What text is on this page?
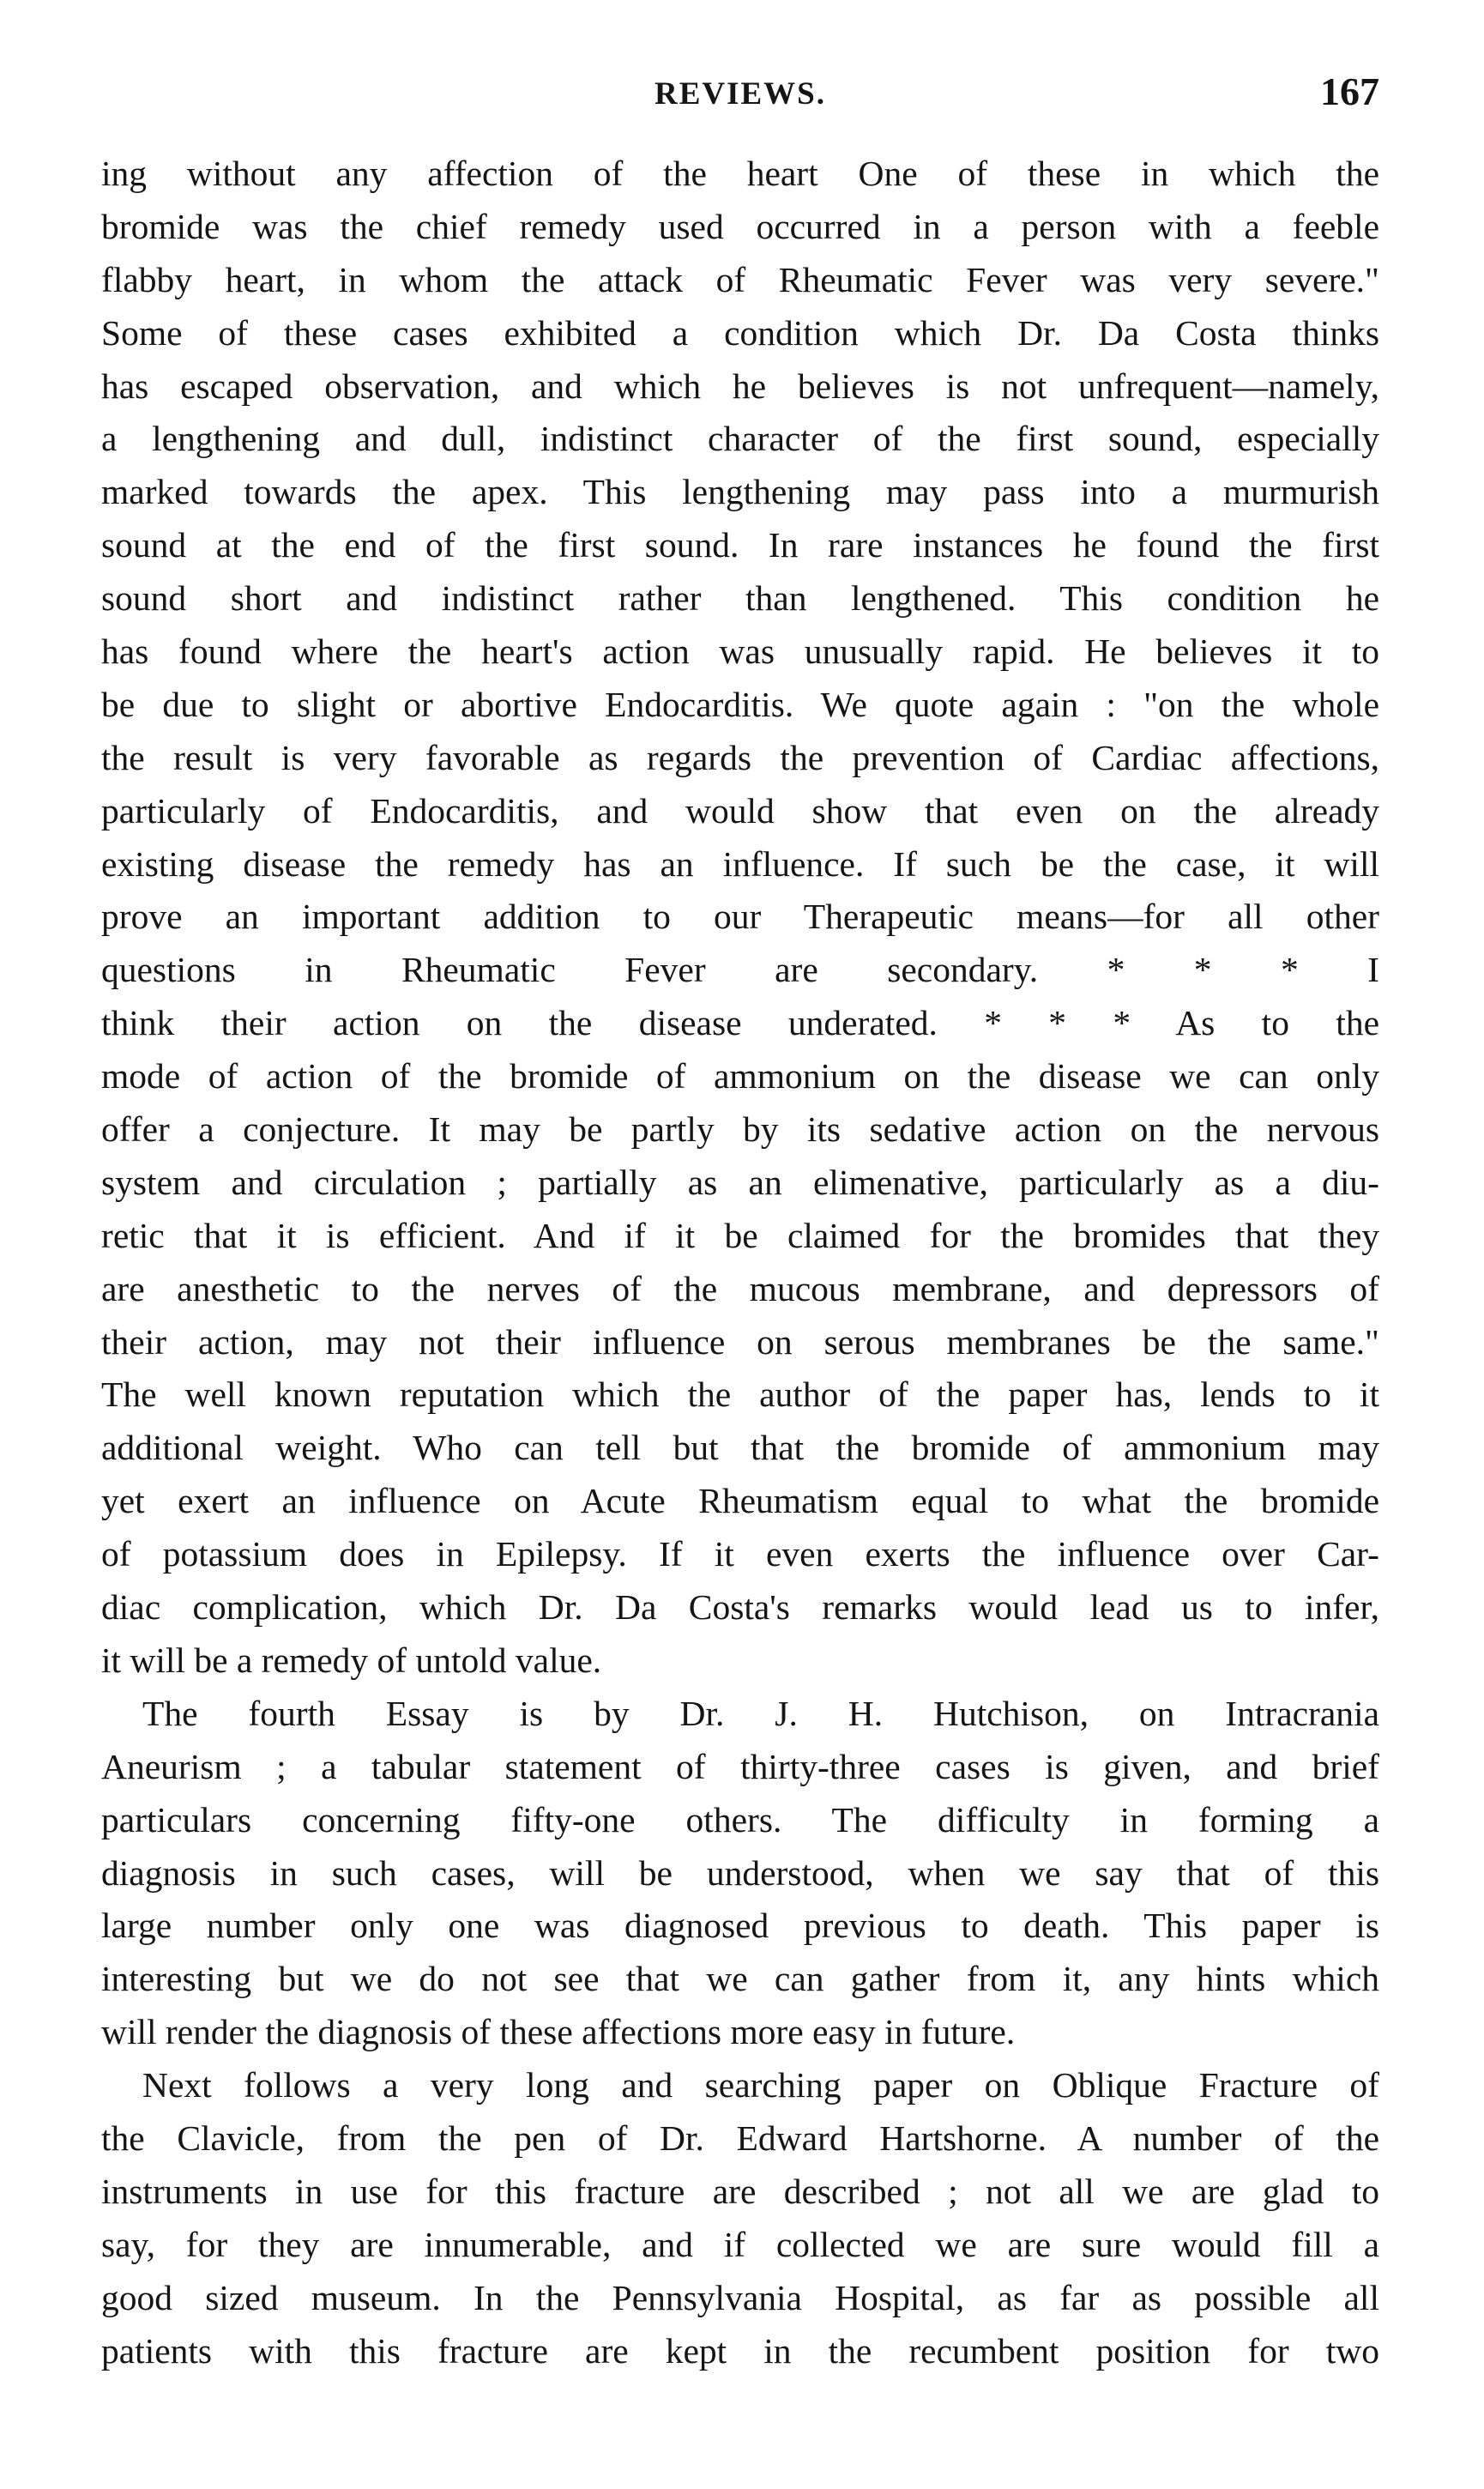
REVIEWS.	167
ing without any affection of the heart One of these in which the
bromide was the chief remedy used occurred in a person with a feeble
flabby heart, in whom the attack of Rheumatic Fever was very severe."
Some of these cases exhibited a condition which Dr. Da Costa thinks
has escaped observation, and which he believes is not unfrequent—namely,
a lengthening and dull, indistinct character of the first sound, especially
marked towards the apex. This lengthening may pass into a murmurish
sound at the end of the first sound. In rare instances he found the first
sound short and indistinct rather than lengthened. This condition he
has found where the heart's action was unusually rapid. He believes it to
be due to slight or abortive Endocarditis. We quote again : "on the whole
the result is very favorable as regards the prevention of Cardiac affections,
particularly of Endocarditis, and would show that even on the already
existing disease the remedy has an influence. If such be the case, it will
prove an important addition to our Therapeutic means—for all other
questions in Rheumatic Fever are secondary. * * * I
think their action on the disease underated. * * * As to the
mode of action of the bromide of ammonium on the disease we can only
offer a conjecture. It may be partly by its sedative action on the nervous
system and circulation ; partially as an elimenative, particularly as a diu-
retic that it is efficient. And if it be claimed for the bromides that they
are anesthetic to the nerves of the mucous membrane, and depressors of
their action, may not their influence on serous membranes be the same."
The well known reputation which the author of the paper has, lends to it
additional weight. Who can tell but that the bromide of ammonium may
yet exert an influence on Acute Rheumatism equal to what the bromide
of potassium does in Epilepsy. If it even exerts the influence over Car-
diac complication, which Dr. Da Costa's remarks would lead us to infer,
it will be a remedy of untold value.
The fourth Essay is by Dr. J. H. Hutchison, on Intracrania
Aneurism ; a tabular statement of thirty-three cases is given, and brief
particulars concerning fifty-one others. The difficulty in forming a
diagnosis in such cases, will be understood, when we say that of this
large number only one was diagnosed previous to death. This paper is
interesting but we do not see that we can gather from it, any hints which
will render the diagnosis of these affections more easy in future.
Next follows a very long and searching paper on Oblique Fracture of
the Clavicle, from the pen of Dr. Edward Hartshorne. A number of the
instruments in use for this fracture are described ; not all we are glad to
say, for they are innumerable, and if collected we are sure would fill a
good sized museum. In the Pennsylvania Hospital, as far as possible all
patients with this fracture are kept in the recumbent position for two
